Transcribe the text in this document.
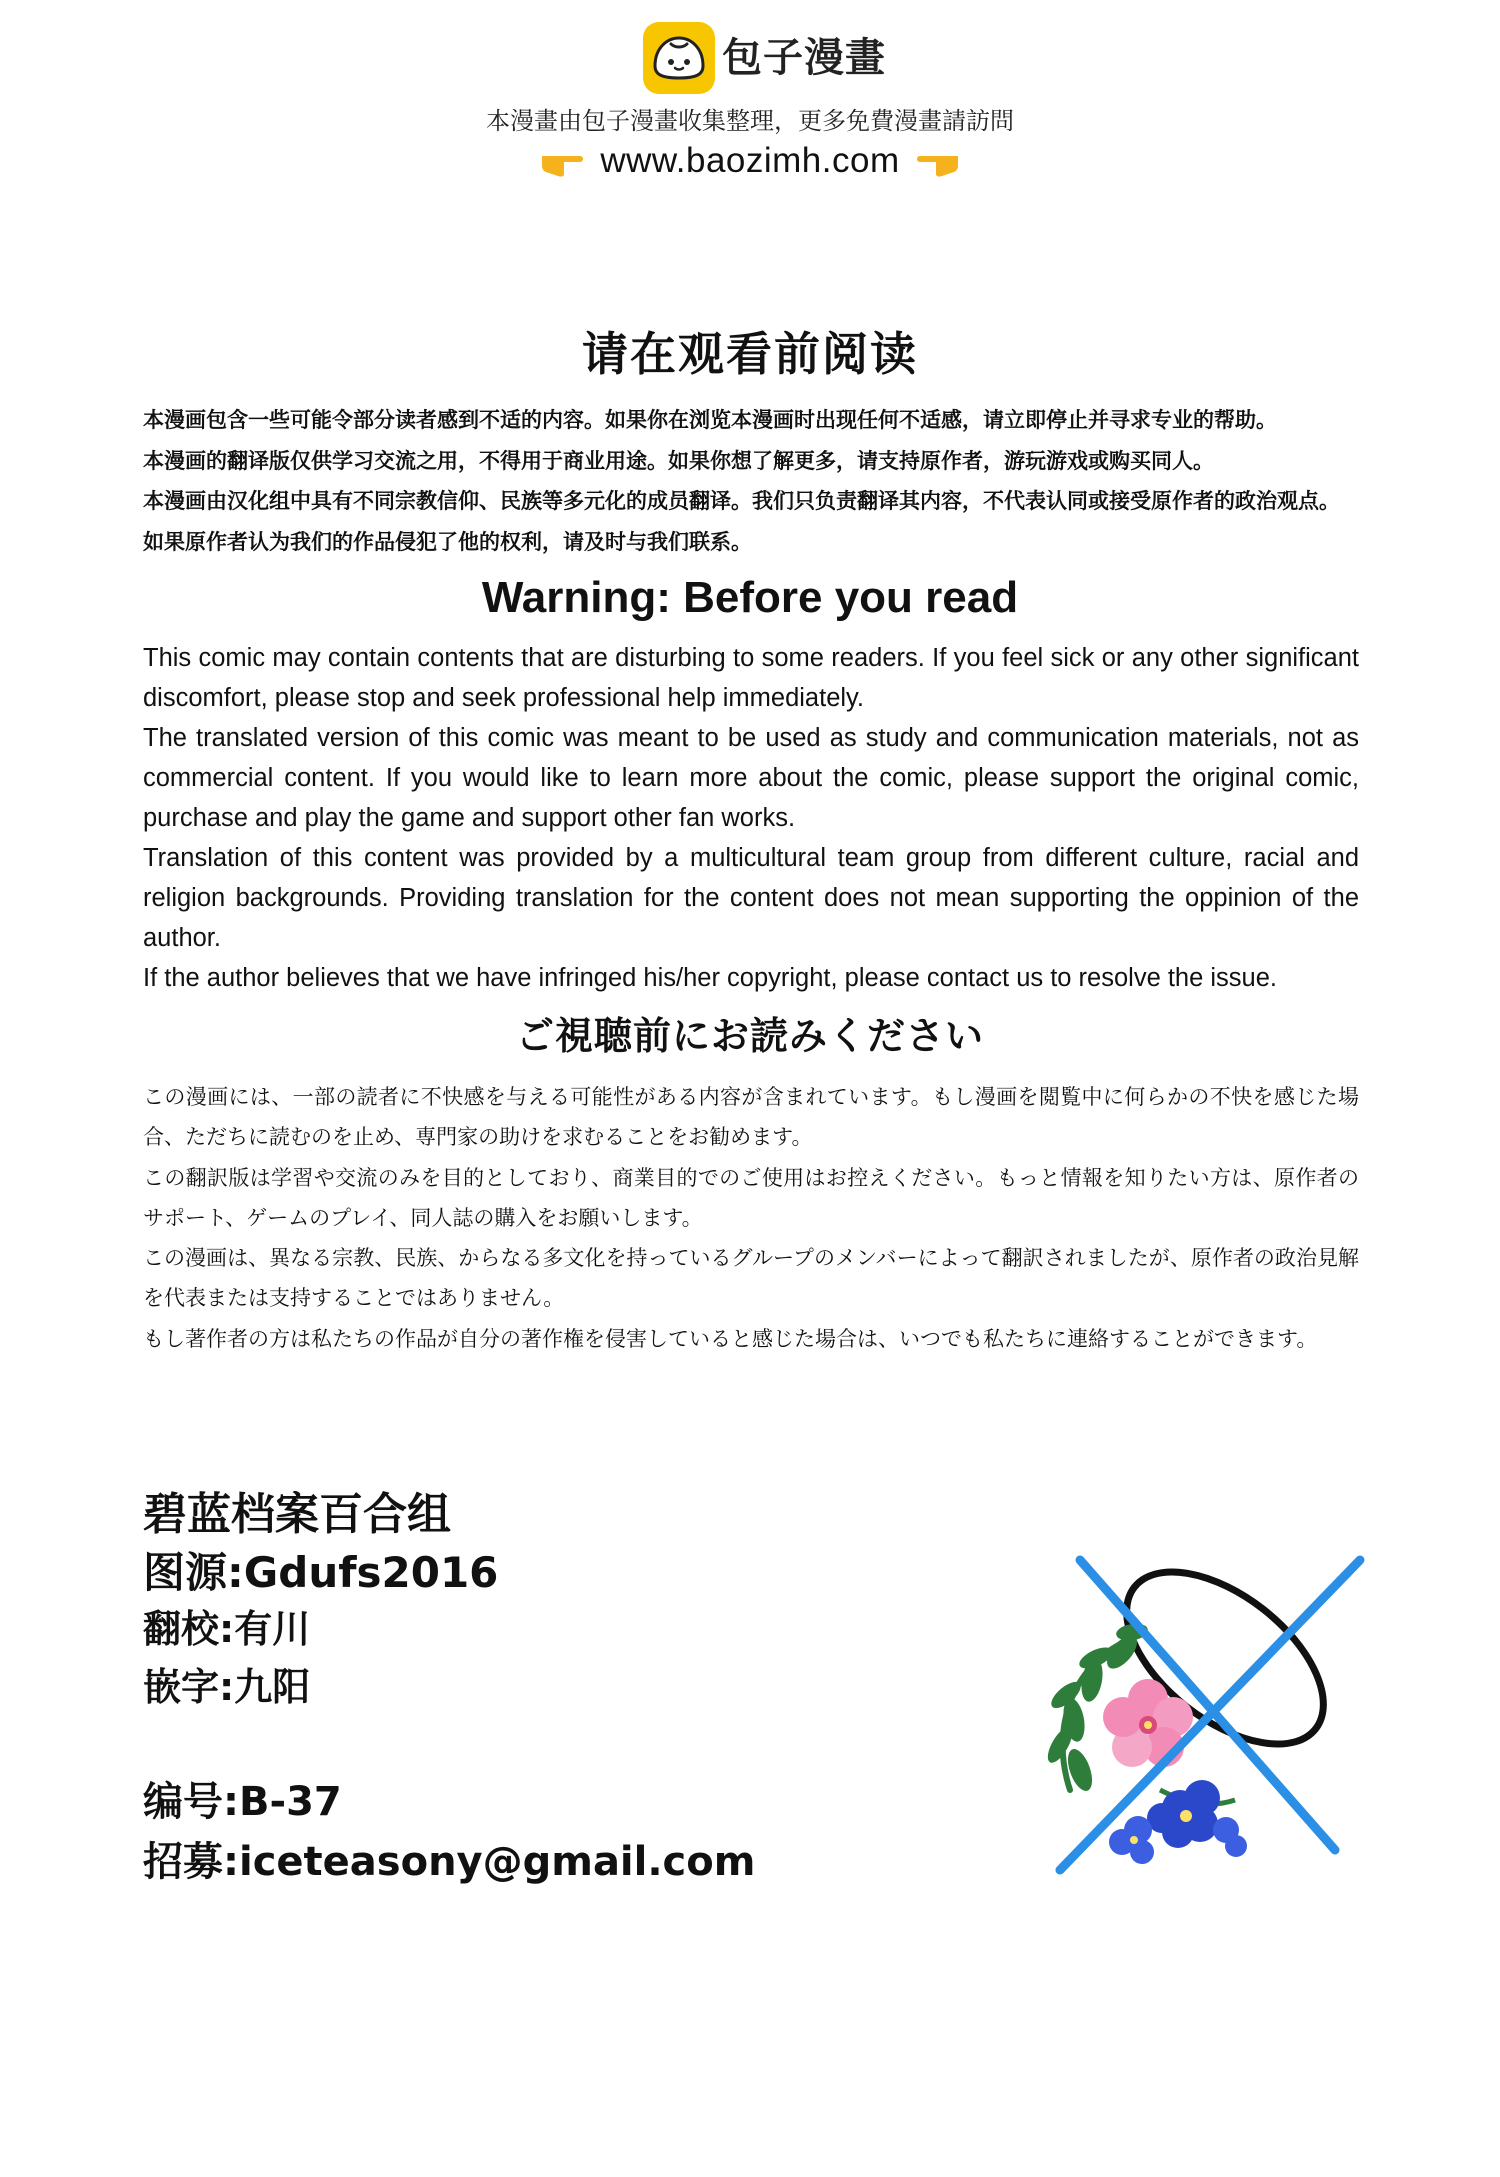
包子漫畫
本漫畫由包子漫畫收集整理，更多免費漫畫請訪問
www.baozimh.com
请在观看前阅读

本漫画包含一些可能令部分读者感到不适的内容。如果你在浏览本漫画时出现任何不适感，请立即停止并寻求专业的帮助。

本漫画的翻译版仅供学习交流之用，不得用于商业用途。如果你想了解更多，请支持原作者，游玩游戏或购买同人。

本漫画由汉化组中具有不同宗教信仰、民族等多元化的成员翻译。我们只负责翻译其内容，不代表认同或接受原作者的政治观点。

如果原作者认为我们的作品侵犯了他的权利，请及时与我们联系。

Warning: Before you read

This comic may contain contents that are disturbing to some readers. If you feel sick or any other significant discomfort, please stop and seek professional help immediately.

The translated version of this comic was meant to be used as study and communication materials, not as commercial content. If you would like to learn more about the comic, please support the original comic, purchase and play the game and support other fan works.

Translation of this content was provided by a multicultural team group from different culture, racial and religion backgrounds. Providing translation for the content does not mean supporting the oppinion of the author.

If the author believes that we have infringed his/her copyright, please contact us to resolve the issue.

ご視聴前にお読みください

この漫画には、一部の読者に不快感を与える可能性がある内容が含まれています。もし漫画を閲覧中に何らかの不快を感じた場合、ただちに読むのを止め、専門家の助けを求むることをお勧めます。

この翻訳版は学習や交流のみを目的としており、商業目的でのご使用はお控えください。もっと情報を知りたい方は、原作者のサポート、ゲームのプレイ、同人誌の購入をお願いします。

この漫画は、異なる宗教、民族、からなる多文化を持っているグループのメンバーによって翻訳されましたが、原作者の政治見解を代表または支持することではありません。

もし著作者の方は私たちの作品が自分の著作権を侵害していると感じた場合は、いつでも私たちに連絡することができます。

碧蓝档案百合组
图源:Gdufs2016
翻校:有川
嵌字:九阳
编号:B-37
招募:iceteasony@gmail.com
